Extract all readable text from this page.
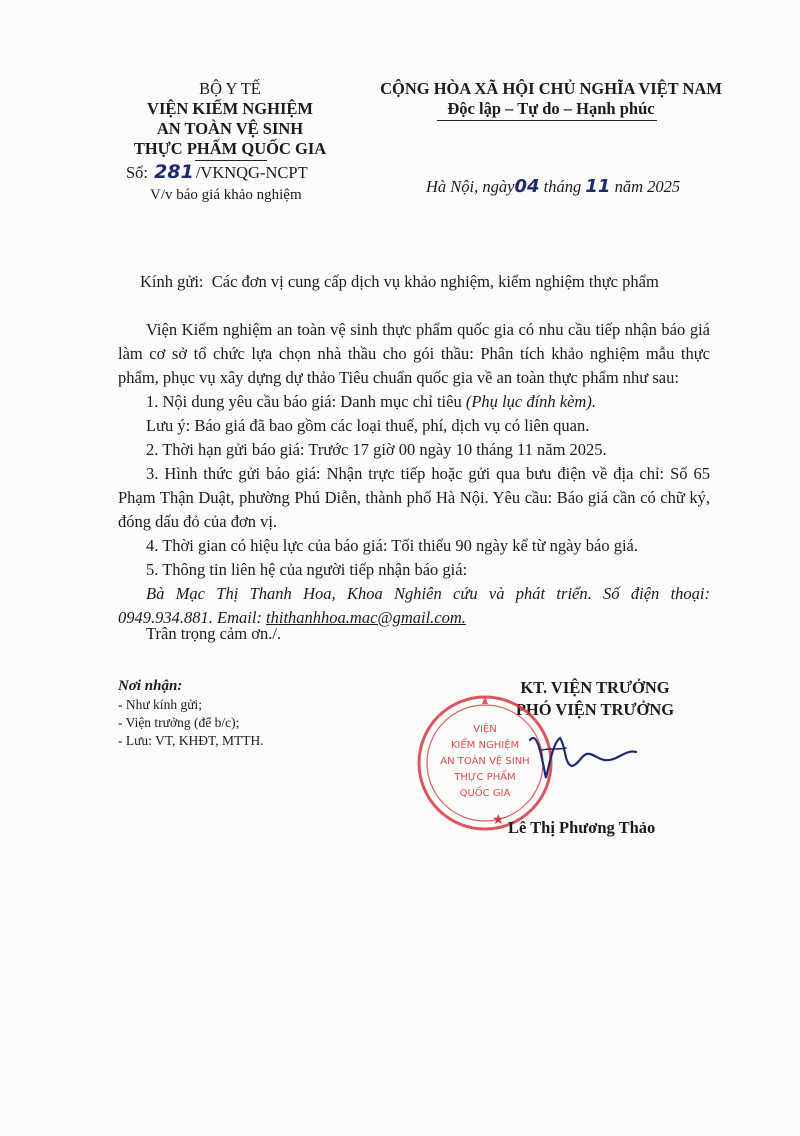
BỘ Y TẾ
VIỆN KIỂM NGHIỆM
AN TOÀN VỆ SINH
THỰC PHẨM QUỐC GIA
Số: 281 /VKNQG-NCPT
V/v báo giá khảo nghiệm
CỘNG HÒA XÃ HỘI CHỦ NGHĨA VIỆT NAM
Độc lập – Tự do – Hạnh phúc
Hà Nội, ngày04 tháng 11 năm 2025
Kính gửi: Các đơn vị cung cấp dịch vụ khảo nghiệm, kiểm nghiệm thực phẩm
Viện Kiểm nghiệm an toàn vệ sinh thực phẩm quốc gia có nhu cầu tiếp nhận báo giá làm cơ sở tổ chức lựa chọn nhà thầu cho gói thầu: Phân tích khảo nghiệm mẫu thực phẩm, phục vụ xây dựng dự thảo Tiêu chuẩn quốc gia về an toàn thực phẩm như sau:
1. Nội dung yêu cầu báo giá: Danh mục chỉ tiêu (Phụ lục đính kèm).
Lưu ý: Báo giá đã bao gồm các loại thuế, phí, dịch vụ có liên quan.
2. Thời hạn gửi báo giá: Trước 17 giờ 00 ngày 10 tháng 11 năm 2025.
3. Hình thức gửi báo giá: Nhận trực tiếp hoặc gửi qua bưu điện về địa chỉ: Số 65 Phạm Thận Duật, phường Phú Diễn, thành phố Hà Nội. Yêu cầu: Báo giá cần có chữ ký, đóng dấu đỏ của đơn vị.
4. Thời gian có hiệu lực của báo giá: Tối thiểu 90 ngày kể từ ngày báo giá.
5. Thông tin liên hệ của người tiếp nhận báo giá:
Bà Mạc Thị Thanh Hoa, Khoa Nghiên cứu và phát triển. Số điện thoại: 0949.934.881. Email: thithanhhoa.mac@gmail.com.
Trân trọng cảm ơn./.
Nơi nhận:
- Như kính gửi;
- Viện trưởng (để b/c);
- Lưu: VT, KHĐT, MTTH.
KT. VIỆN TRƯỞNG
PHÓ VIỆN TRƯỞNG
VIỆN
KIỂM NGHIỆM
AN TOÀN VỆ SINH
THỰC PHẨM
QUỐC GIA
Lê Thị Phương Thảo
★
